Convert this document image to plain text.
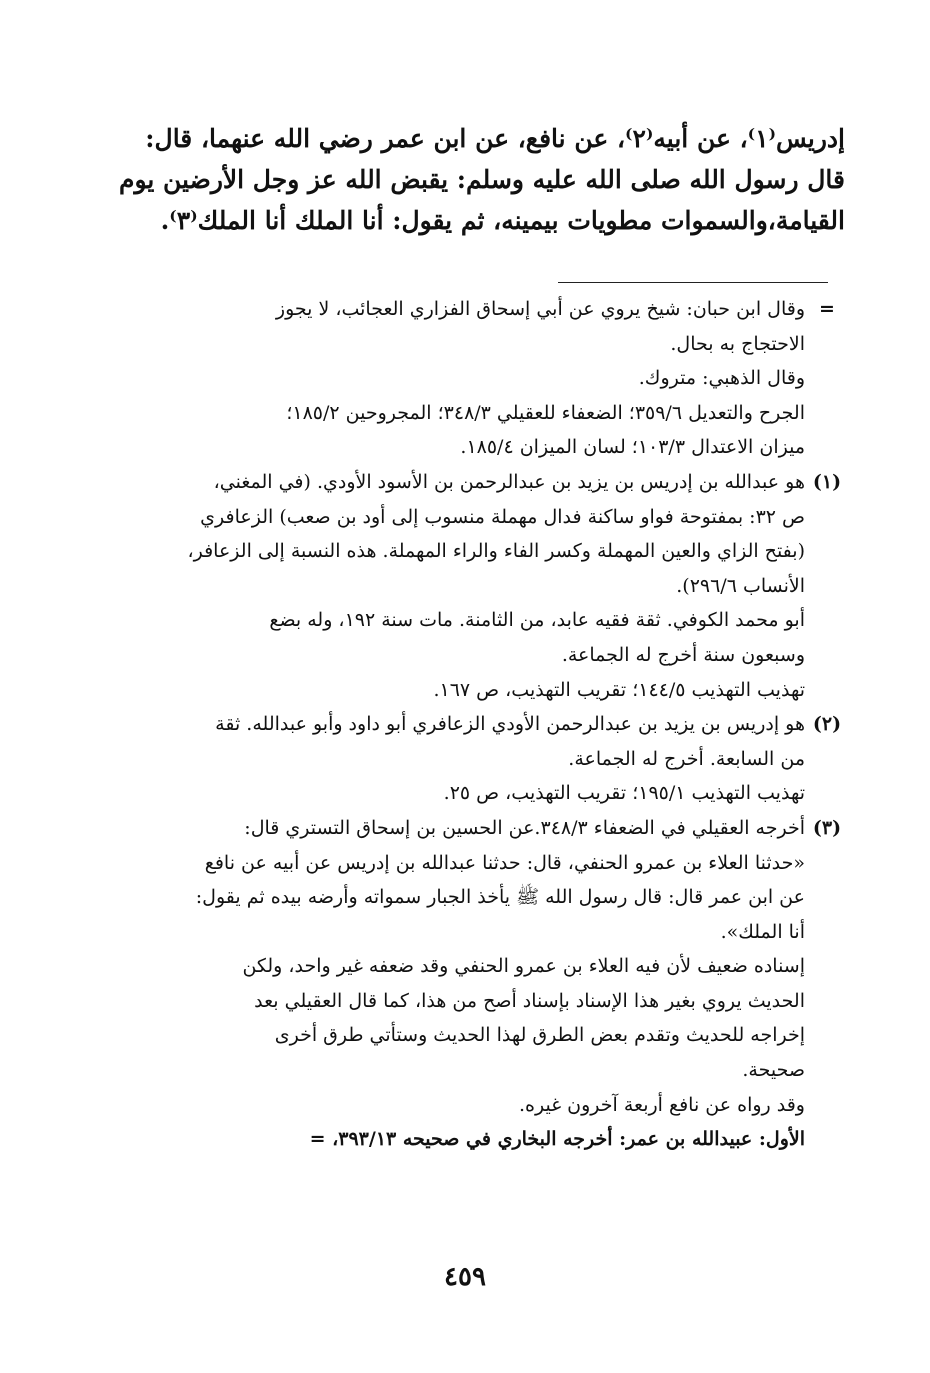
إدريس⁽١⁾، عن أبيه⁽٢⁾، عن نافع، عن ابن عمر رضي الله عنهما، قال:
قال رسول الله صلى الله عليه وسلم: يقبض الله عز وجل الأرضين يوم
القيامة،والسموات مطويات بيمينه، ثم يقول: أنا الملك أنا الملك⁽٣⁾.
=
وقال ابن حبان: شيخ يروي عن أبي إسحاق الفزاري العجائب، لا يجوز
الاحتجاج به بحال.
وقال الذهبي: متروك.
الجرح والتعديل ٣٥٩/٦؛ الضعفاء للعقيلي ٣٤٨/٣؛ المجروحين ١٨٥/٢؛
ميزان الاعتدال ١٠٣/٣؛ لسان الميزان ١٨٥/٤.
(١)
هو عبدالله بن إدريس بن يزيد بن عبدالرحمن بن الأسود الأودي. (في المغني،
ص ٣٢: بمفتوحة فواو ساكنة فدال مهملة منسوب إلى أود بن صعب) الزعافري
(بفتح الزاي والعين المهملة وكسر الفاء والراء المهملة. هذه النسبة إلى الزعافر،
الأنساب ٢٩٦/٦).
أبو محمد الكوفي. ثقة فقيه عابد، من الثامنة. مات سنة ١٩٢، وله بضع
وسبعون سنة أخرج له الجماعة.
تهذيب التهذيب ١٤٤/٥؛ تقريب التهذيب، ص ١٦٧.
(٢)
هو إدريس بن يزيد بن عبدالرحمن الأودي الزعافري أبو داود وأبو عبدالله. ثقة
من السابعة. أخرج له الجماعة.
تهذيب التهذيب ١٩٥/١؛ تقريب التهذيب، ص ٢٥.
(٣)
أخرجه العقيلي في الضعفاء ٣٤٨/٣.عن الحسين بن إسحاق التستري قال:
«حدثنا العلاء بن عمرو الحنفي، قال: حدثنا عبدالله بن إدريس عن أبيه عن نافع
عن ابن عمر قال: قال رسول الله ﷺ يأخذ الجبار سمواته وأرضه بيده ثم يقول:
أنا الملك».
إسناده ضعيف لأن فيه العلاء بن عمرو الحنفي وقد ضعفه غير واحد، ولكن
الحديث يروي بغير هذا الإسناد بإسناد أصح من هذا، كما قال العقيلي بعد
إخراجه للحديث وتقدم بعض الطرق لهذا الحديث وستأتي طرق أخرى
صحيحة.
وقد رواه عن نافع أربعة آخرون غيره.
الأول: عبيدالله بن عمر: أخرجه البخاري في صحيحه ٣٩٣/١٣، =
٤٥٩
